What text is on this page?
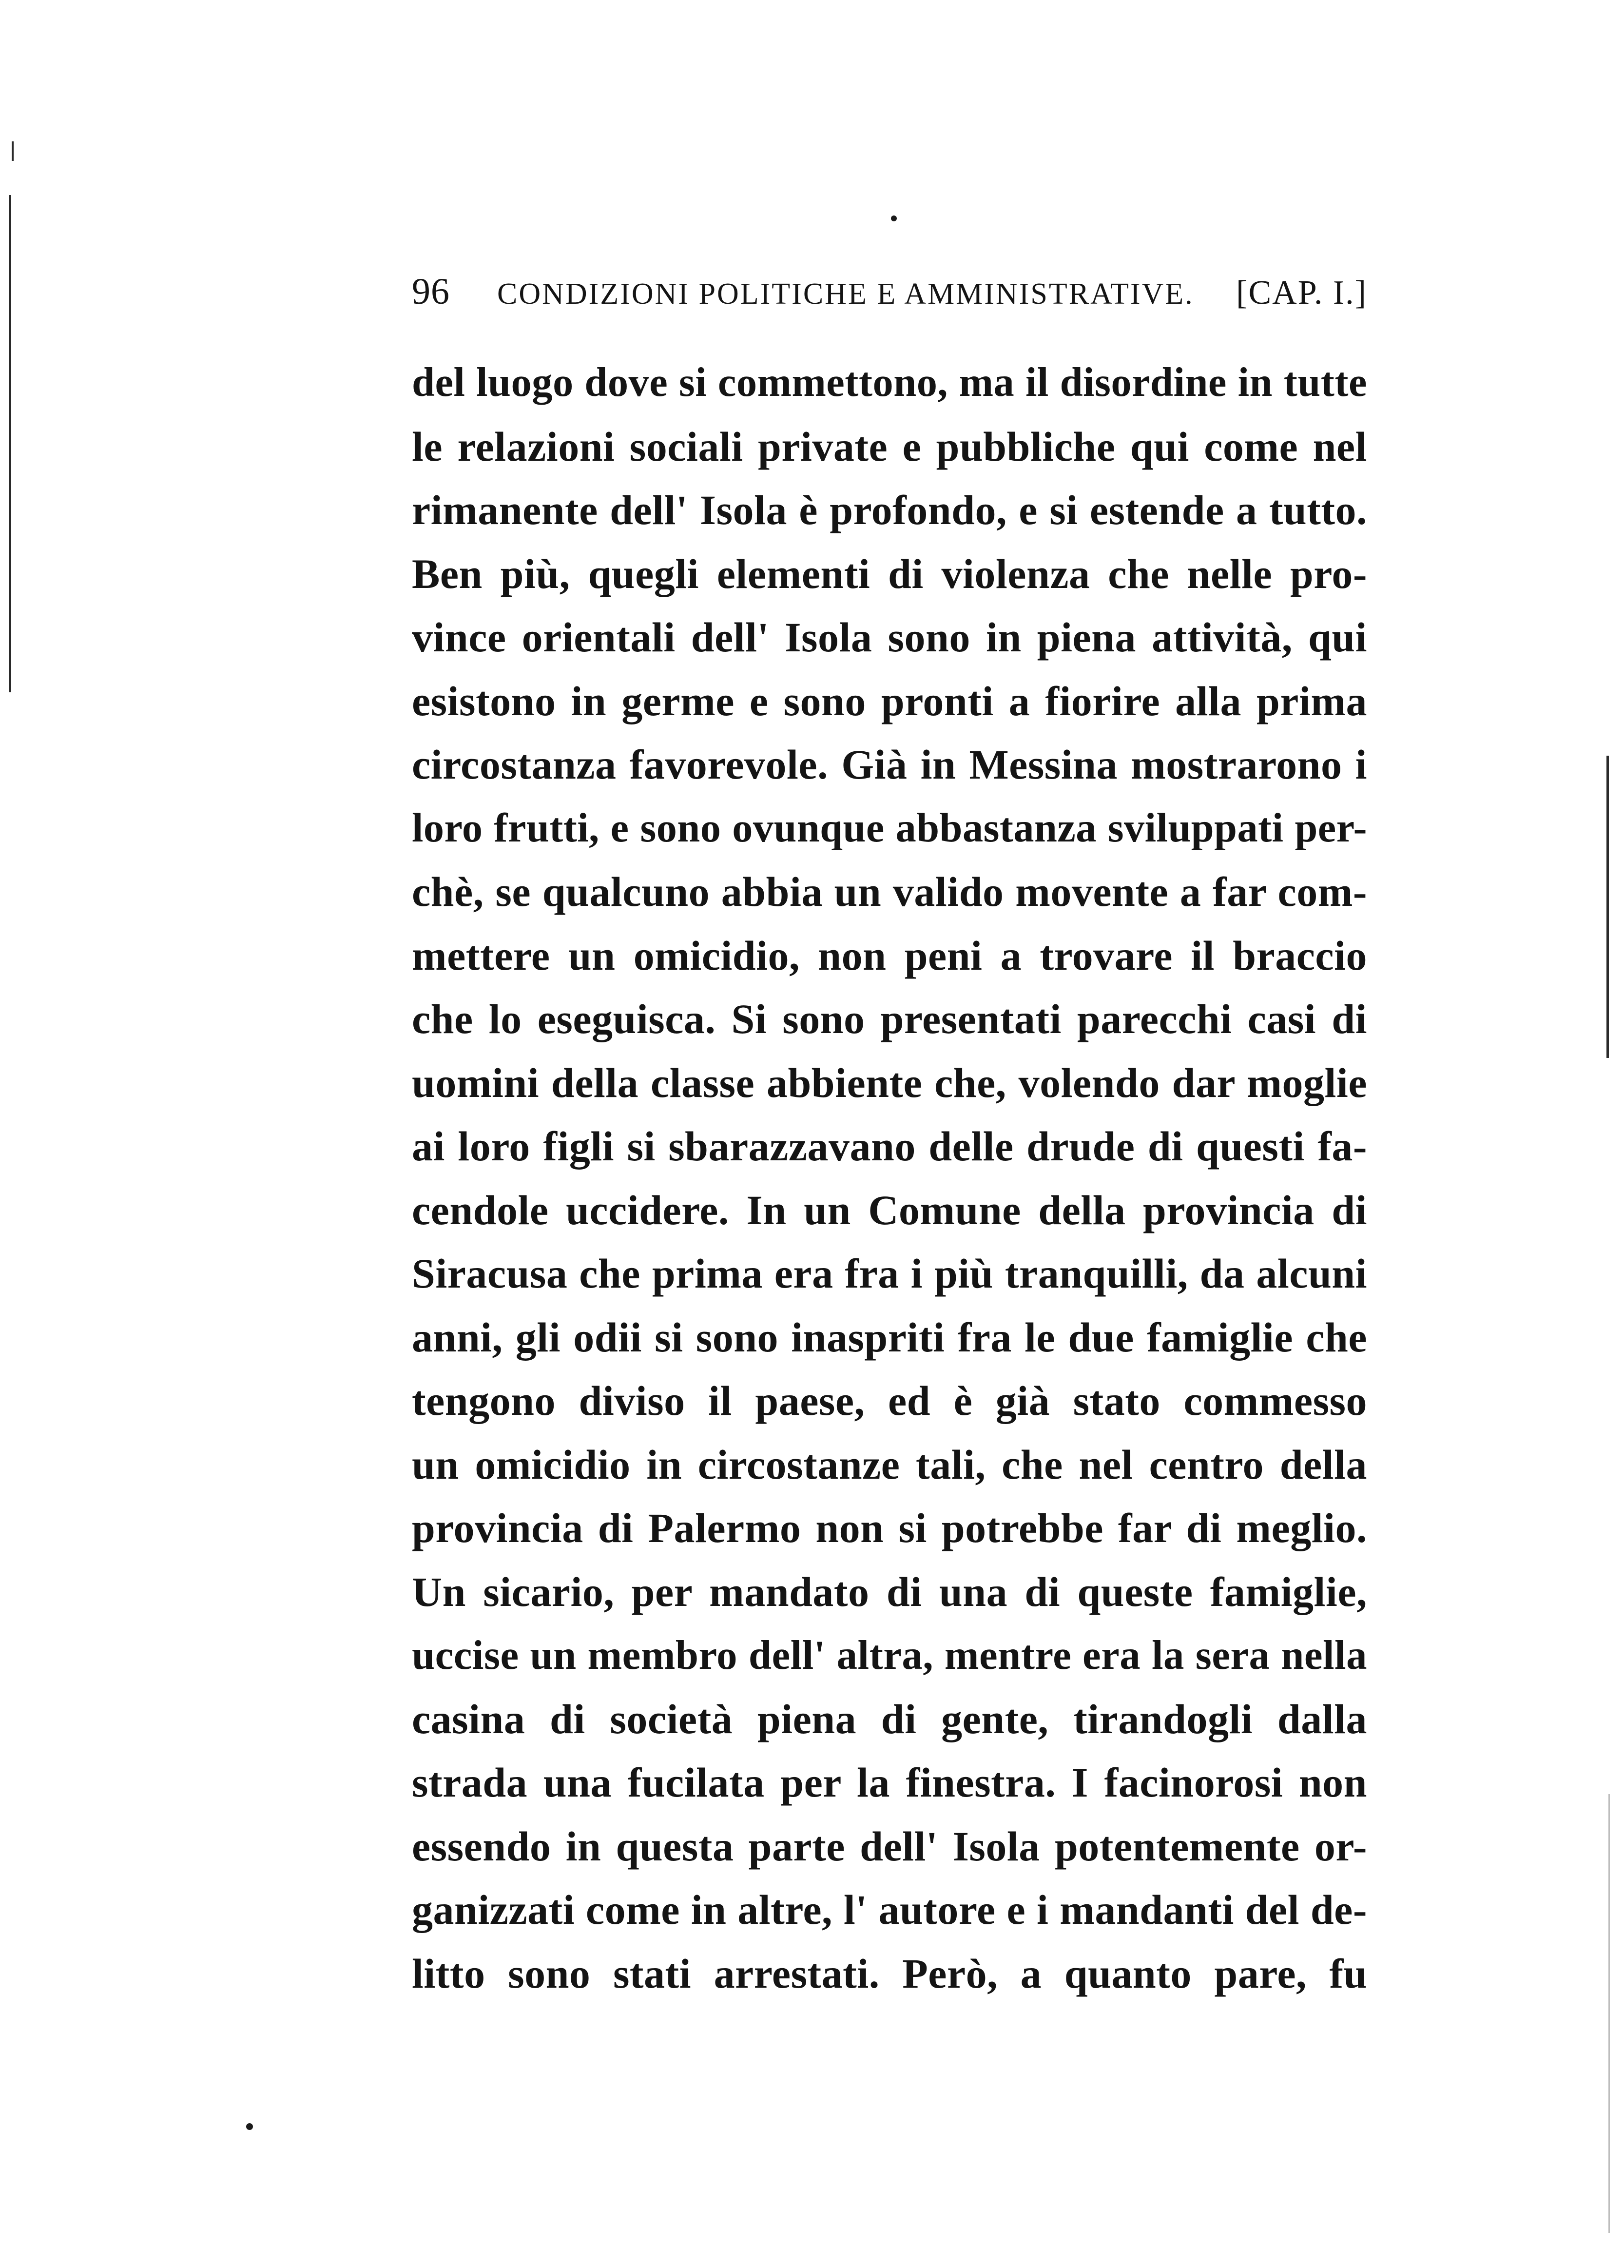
96	CONDIZIONI POLITICHE E AMMINISTRATIVE.	[CAP. I.]
del luogo dove si commettono, ma il disordine in tutte
le relazioni sociali private e pubbliche qui come nel
rimanente dell' Isola è profondo, e si estende a tutto.
Ben più, quegli elementi di violenza che nelle pro-
vince orientali dell' Isola sono in piena attività, qui
esistono in germe e sono pronti a fiorire alla prima
circostanza favorevole. Già in Messina mostrarono i
loro frutti, e sono ovunque abbastanza sviluppati per-
chè, se qualcuno abbia un valido movente a far com-
mettere un omicidio, non peni a trovare il braccio
che lo eseguisca. Si sono presentati parecchi casi di
uomini della classe abbiente che, volendo dar moglie
ai loro figli si sbarazzavano delle drude di questi fa-
cendole uccidere. In un Comune della provincia di
Siracusa che prima era fra i più tranquilli, da alcuni
anni, gli odii si sono inaspriti fra le due famiglie che
tengono diviso il paese, ed è già stato commesso
un omicidio in circostanze tali, che nel centro della
provincia di Palermo non si potrebbe far di meglio.
Un sicario, per mandato di una di queste famiglie,
uccise un membro dell' altra, mentre era la sera nella
casina di società piena di gente, tirandogli dalla
strada una fucilata per la finestra. I facinorosi non
essendo in questa parte dell' Isola potentemente or-
ganizzati come in altre, l' autore e i mandanti del de-
litto sono stati arrestati. Però, a quanto pare, fu
